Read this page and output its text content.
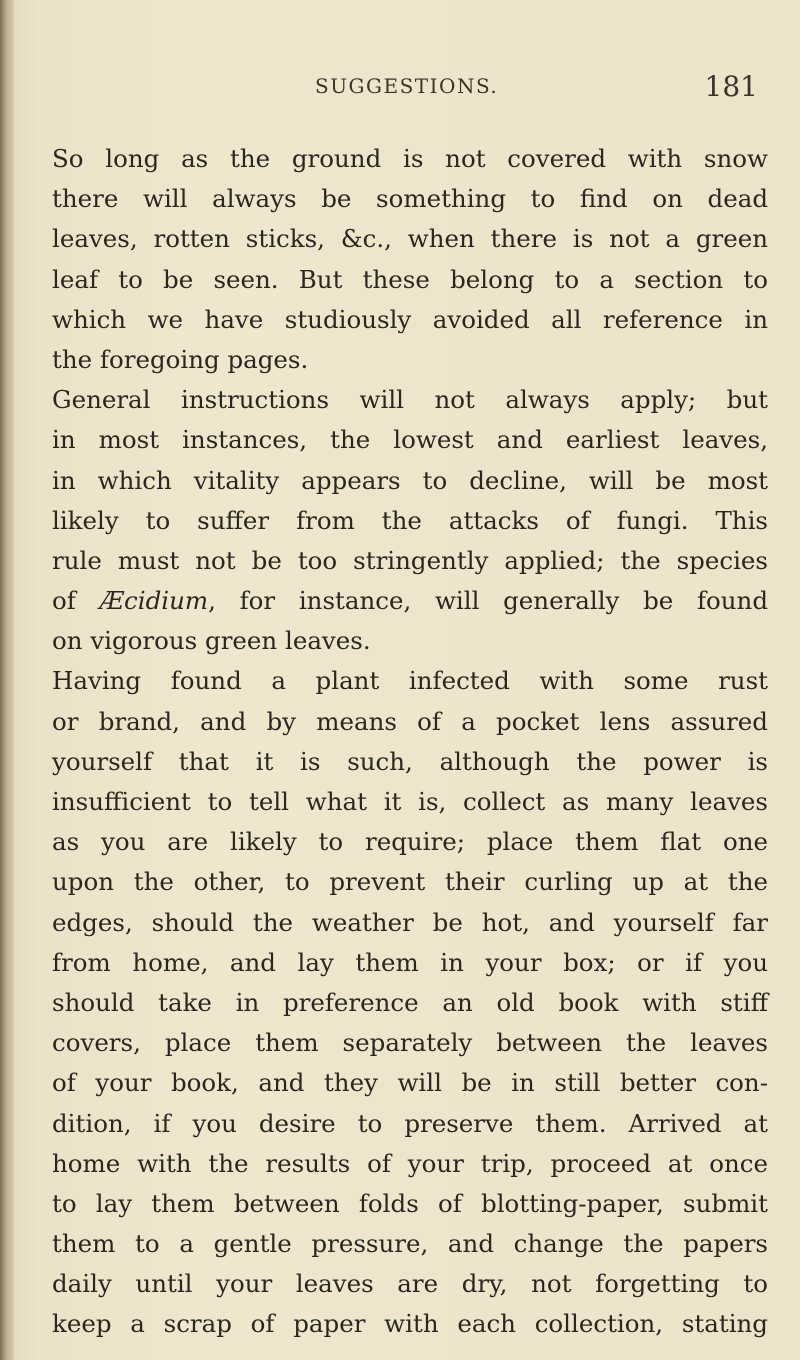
SUGGESTIONS.	181
So long as the ground is not covered with snow
there will always be something to find on dead
leaves, rotten sticks, &c., when there is not a green
leaf to be seen. But these belong to a section to
which we have studiously avoided all reference in
the foregoing pages.
General instructions will not always apply; but
in most instances, the lowest and earliest leaves,
in which vitality appears to decline, will be most
likely to suffer from the attacks of fungi. This
rule must not be too stringently applied; the species
of Æcidium, for instance, will generally be found
on vigorous green leaves.
Having found a plant infected with some rust
or brand, and by means of a pocket lens assured
yourself that it is such, although the power is
insufficient to tell what it is, collect as many leaves
as you are likely to require; place them flat one
upon the other, to prevent their curling up at the
edges, should the weather be hot, and yourself far
from home, and lay them in your box; or if you
should take in preference an old book with stiff
covers, place them separately between the leaves
of your book, and they will be in still better con-
dition, if you desire to preserve them. Arrived at
home with the results of your trip, proceed at once
to lay them between folds of blotting-paper, submit
them to a gentle pressure, and change the papers
daily until your leaves are dry, not forgetting to
keep a scrap of paper with each collection, stating
